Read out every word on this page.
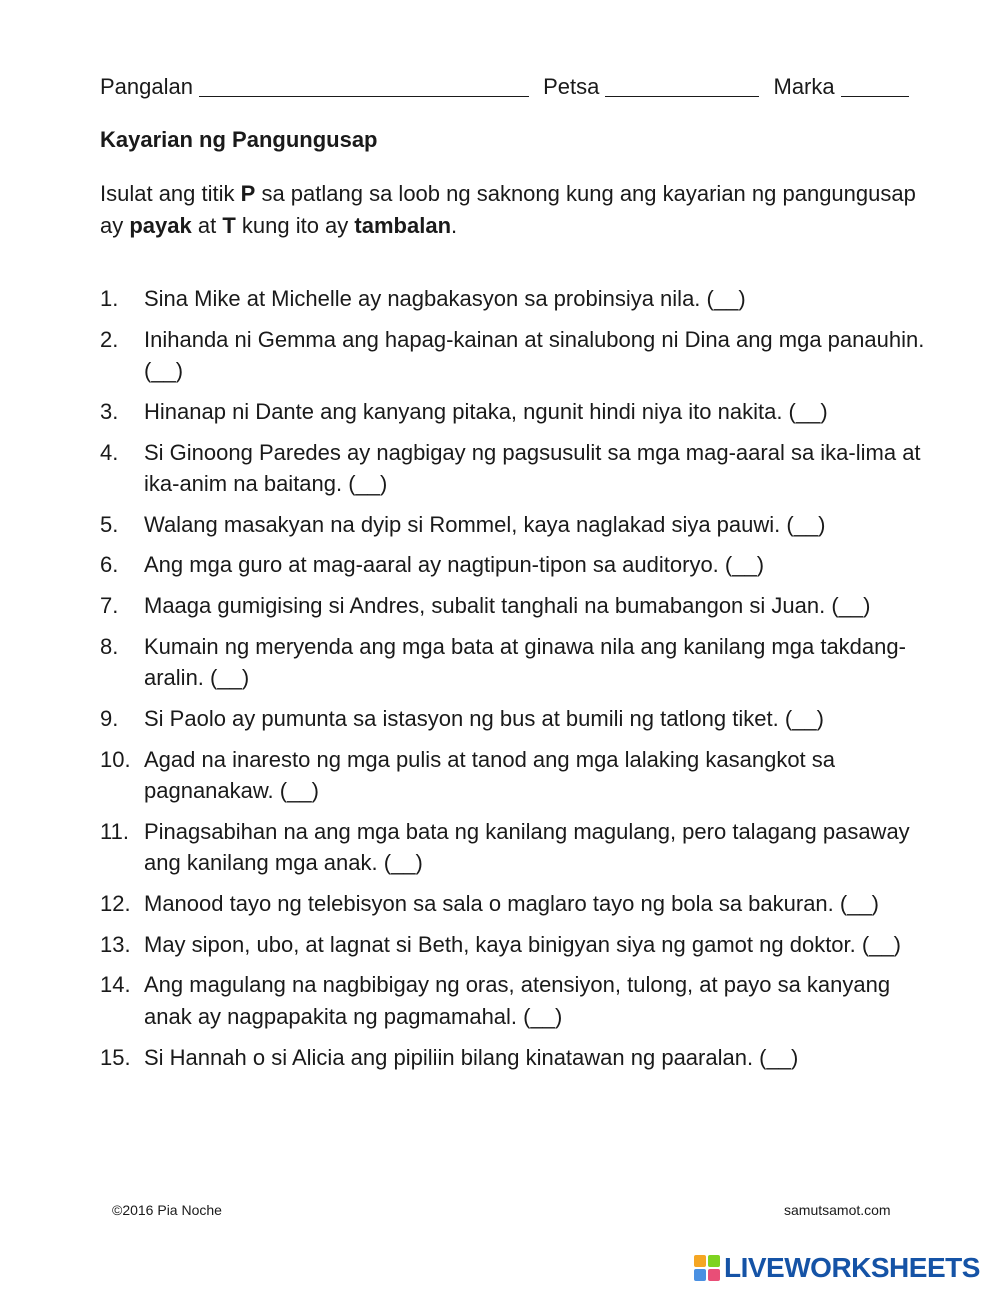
Pangalan	Petsa	Marka
Kayarian ng Pangungusap
Isulat ang titik P sa patlang sa loob ng saknong kung ang kayarian ng pangungusap ay payak at T kung ito ay tambalan.
1.	Sina Mike at Michelle ay nagbakasyon sa probinsiya nila. (__)
2.	Inihanda ni Gemma ang hapag-kainan at sinalubong ni Dina ang mga panauhin. (__)
3.	Hinanap ni Dante ang kanyang pitaka, ngunit hindi niya ito nakita. (__)
4.	Si Ginoong Paredes ay nagbigay ng pagsusulit sa mga mag-aaral sa ika-lima at ika-anim na baitang. (__)
5.	Walang masakyan na dyip si Rommel, kaya naglakad siya pauwi. (__)
6.	Ang mga guro at mag-aaral ay nagtipun-tipon sa auditoryo. (__)
7.	Maaga gumigising si Andres, subalit tanghali na bumabangon si Juan. (__)
8.	Kumain ng meryenda ang mga bata at ginawa nila ang kanilang mga takdang-aralin. (__)
9.	Si Paolo ay pumunta sa istasyon ng bus at bumili ng tatlong tiket. (__)
10. Agad na inaresto ng mga pulis at tanod ang mga lalaking kasangkot sa pagnanakaw. (__)
11. Pinagsabihan na ang mga bata ng kanilang magulang, pero talagang pasaway ang kanilang mga anak. (__)
12. Manood tayo ng telebisyon sa sala o maglaro tayo ng bola sa bakuran. (__)
13. May sipon, ubo, at lagnat si Beth, kaya binigyan siya ng gamot ng doktor. (__)
14. Ang magulang na nagbibigay ng oras, atensiyon, tulong, at payo sa kanyang anak ay nagpapakita ng pagmamahal. (__)
15. Si Hannah o si Alicia ang pipiliin bilang kinatawan ng paaralan. (__)
©2016 Pia Noche	samutsamot.com
LIVEWORKSHEETS
